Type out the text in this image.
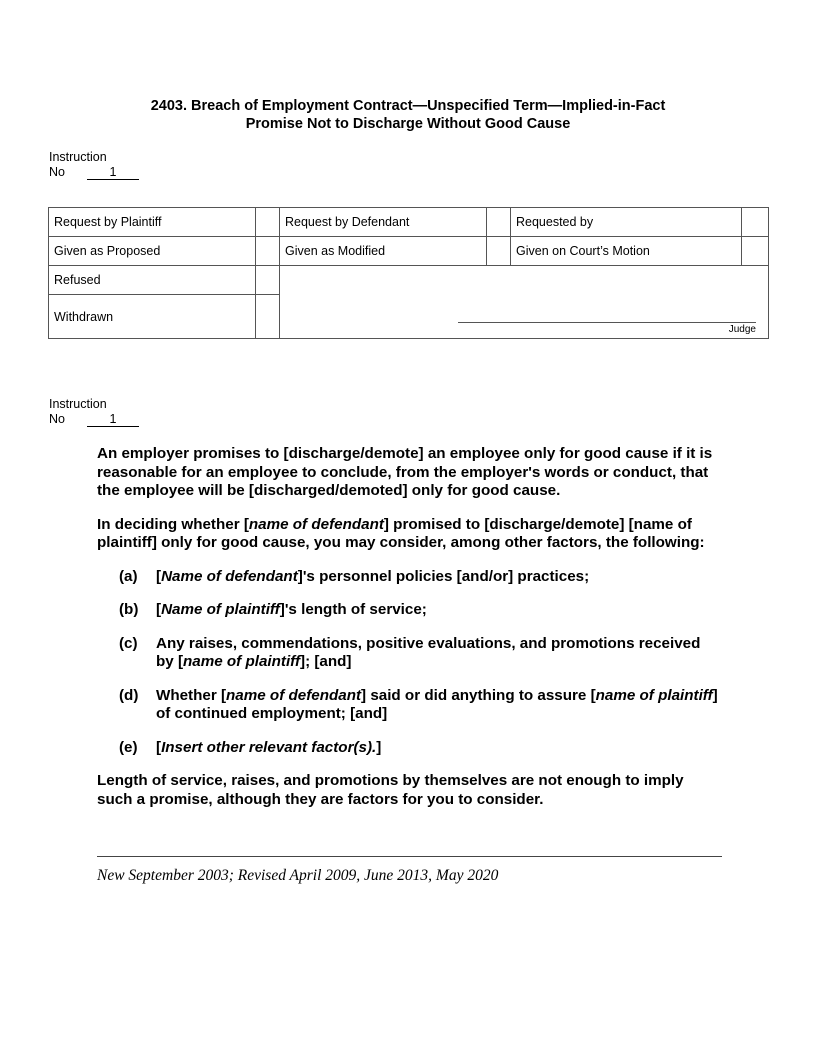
2403. Breach of Employment Contract—Unspecified Term—Implied-in-Fact
Promise Not to Discharge Without Good Cause
Instruction
No	1
Request by Plaintiff		Request by Defendant		Requested by	
Given as Proposed		Given as Modified		Given on Court’s Motion	
Refused		Judge			

Withdrawn					
Instruction
No	1

An employer promises to [discharge/demote] an employee only for good cause if it is reasonable for an employee to conclude, from the employer's words or conduct, that the employee will be [discharged/demoted] only for good cause.

In deciding whether [name of defendant] promised to [discharge/demote] [name of plaintiff] only for good cause, you may consider, among other factors, the following:

(a)	[Name of defendant]'s personnel policies [and/or] practices;
(b)	[Name of plaintiff]'s length of service;
(c)	Any raises, commendations, positive evaluations, and promotions received by [name of plaintiff]; [and]
(d)	Whether [name of defendant] said or did anything to assure [name of plaintiff] of continued employment; [and]
(e)	[Insert other relevant factor(s).]

Length of service, raises, and promotions by themselves are not enough to imply such a promise, although they are factors for you to consider.

New September 2003; Revised April 2009, June 2013, May 2020
